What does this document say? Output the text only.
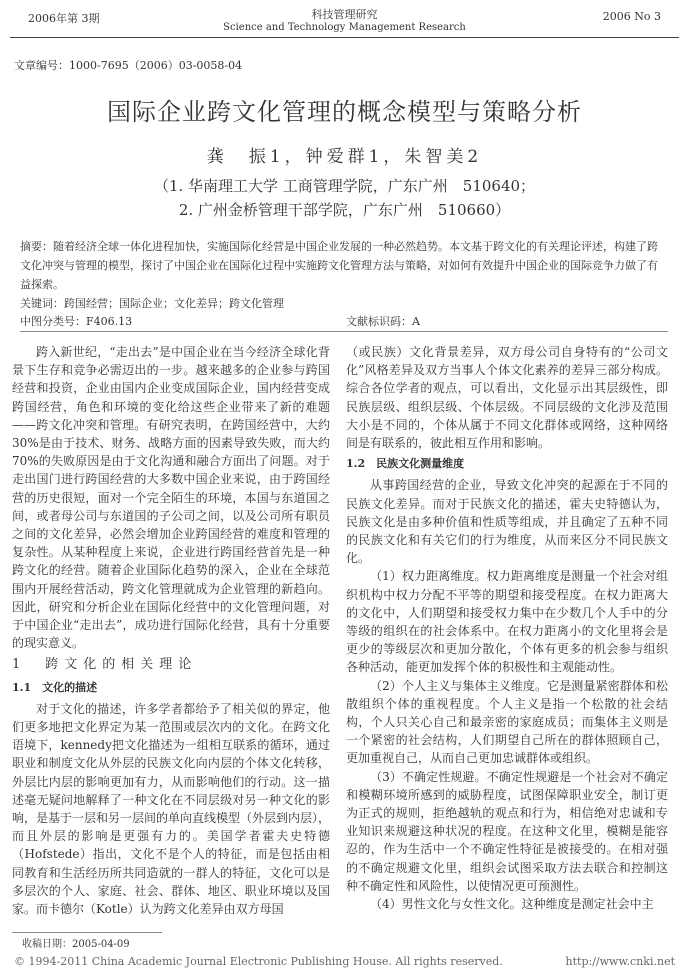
2006年第 3期	科技管理研究
Science and Technology Management Research
2006 No 3
文章编号：1000-7695（2006）03-0058-04
国际企业跨文化管理的概念模型与策略分析
龚　振1，钟爱群1，朱智美2
（1. 华南理工大学 工商管理学院，广东广州　510640；
2. 广州金桥管理干部学院，广东广州　510660）
摘要：随着经济全球一体化进程加快，实施国际化经营是中国企业发展的一种必然趋势。本文基于跨文化的有关理论评述，构建了跨文化冲突与管理的模型，探讨了中国企业在国际化过程中实施跨文化管理方法与策略，对如何有效提升中国企业的国际竞争力做了有益探索。
关键词：跨国经营；国际企业；文化差异；跨文化管理
中图分类号：F406.13	文献标识码：A

跨入新世纪，“走出去”是中国企业在当今经济全球化背景下生存和竞争必需迈出的一步。越来越多的企业参与跨国经营和投资，企业由国内企业变成国际企业，国内经营变成跨国经营，角色和环境的变化给这些企业带来了新的难题——跨文化冲突和管理。有研究表明，在跨国经营中，大约30%是由于技术、财务、战略方面的因素导致失败，而大约70%的失败原因是由于文化沟通和融合方面出了问题。对于走出国门进行跨国经营的大多数中国企业来说，由于跨国经营的历史很短，面对一个完全陌生的环境，本国与东道国之间，或者母公司与东道国的子公司之间，以及公司所有职员之间的文化差异，必然会增加企业跨国经营的难度和管理的复杂性。从某种程度上来说，企业进行跨国经营首先是一种跨文化的经营。随着企业国际化趋势的深入，企业在全球范围内开展经营活动，跨文化管理就成为企业管理的新趋向。因此，研究和分析企业在国际化经营中的文化管理问题，对于中国企业“走出去”，成功进行国际化经营，具有十分重要的现实意义。

1　跨文化的相关理论
1.1　文化的描述

对于文化的描述，许多学者都给予了相关似的界定，他们更多地把文化界定为某一范围或层次内的文化。在跨文化语境下，kennedy把文化描述为一组相互联系的循环，通过职业和制度文化从外层的民族文化向内层的个体文化转移，外层比内层的影响更加有力，从而影响他们的行动。这一描述毫无疑问地解释了一种文化在不同层级对另一种文化的影响，是基于一层和另一层间的单向直线模型（外层到内层），而且外层的影响是更强有力的。美国学者霍夫史特德（Hofstede）指出，文化不是个人的特征，而是包括由相同教育和生活经历所共同造就的一群人的特征，文化可以是多层次的个人、家庭、社会、群体、地区、职业环境以及国家。而卡德尔（Kotle）认为跨文化差异由双方母国

（或民族）文化背景差异，双方母公司自身特有的“公司文化”风格差异及双方当事人个体文化素养的差异三部分构成。综合各位学者的观点，可以看出，文化显示出其层级性，即民族层级、组织层级、个体层级。不同层级的文化涉及范围大小是不同的，个体从属于不同文化群体或网络，这种网络间是有联系的，彼此相互作用和影响。

1.2　民族文化测量维度

从事跨国经营的企业，导致文化冲突的起源在于不同的民族文化差异。而对于民族文化的描述，霍夫史特德认为，民族文化是由多种价值和性质等组成，并且确定了五种不同的民族文化和有关它们的行为维度，从而来区分不同民族文化。

（1）权力距离维度。权力距离维度是测量一个社会对组织机构中权力分配不平等的期望和接受程度。在权力距离大的文化中，人们期望和接受权力集中在少数几个人手中的分等级的组织在的社会体系中。在权力距离小的文化里将会是更少的等级层次和更加分散化，个体有更多的机会参与组织各种活动，能更加发挥个体的积极性和主观能动性。

（2）个人主义与集体主义维度。它是测量紧密群体和松散组织个体的重视程度。个人主义是指一个松散的社会结构，个人只关心自己和最亲密的家庭成员；而集体主义则是一个紧密的社会结构，人们期望自己所在的群体照顾自己，更加重视自己，从而自己更加忠诚群体或组织。

（3）不确定性规避。不确定性规避是一个社会对不确定和模糊环境所感到的威胁程度，试图保障职业安全，制订更为正式的规则，拒绝越轨的观点和行为，相信绝对忠诚和专业知识来规避这种状况的程度。在这种文化里，模糊是能容忍的，作为生活中一个不确定性特征是被接受的。在相对强的不确定规避文化里，组织会试图采取方法去联合和控制这种不确定性和风险性，以使情况更可预测性。

（4）男性文化与女性文化。这种维度是测定社会中主

收稿日期：2005-04-09
© 1994-2011 China Academic Journal Electronic Publishing House. All rights reserved.	http://www.cnki.net
